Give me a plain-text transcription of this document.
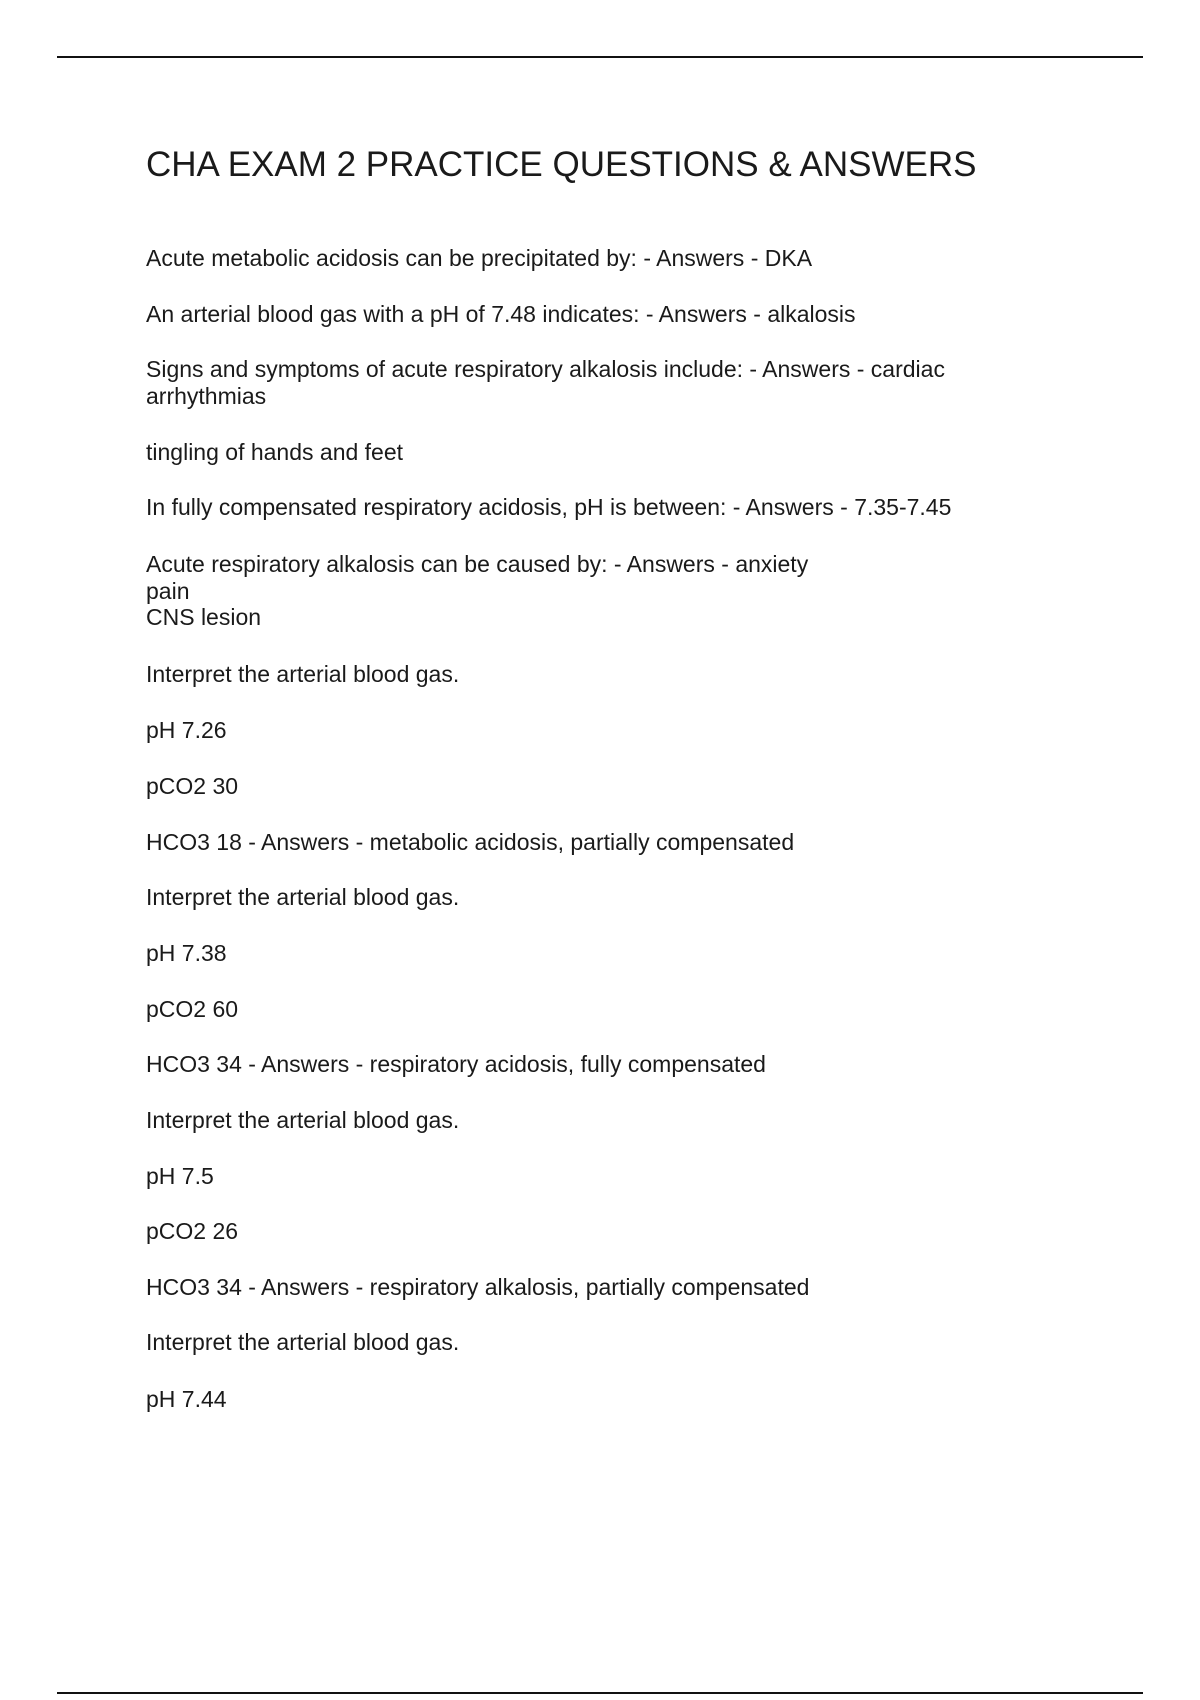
CHA EXAM 2 PRACTICE QUESTIONS & ANSWERS

Acute metabolic acidosis can be precipitated by: - Answers - DKA

An arterial blood gas with a pH of 7.48 indicates: - Answers - alkalosis

Signs and symptoms of acute respiratory alkalosis include: - Answers - cardiac

arrhythmias

tingling of hands and feet

In fully compensated respiratory acidosis, pH is between: - Answers - 7.35-7.45

Acute respiratory alkalosis can be caused by: - Answers - anxiety

pain

CNS lesion

Interpret the arterial blood gas.

pH 7.26

pCO2 30

HCO3 18 - Answers - metabolic acidosis, partially compensated

Interpret the arterial blood gas.

pH 7.38

pCO2 60

HCO3 34 - Answers - respiratory acidosis, fully compensated

Interpret the arterial blood gas.

pH 7.5

pCO2 26

HCO3 34 - Answers - respiratory alkalosis, partially compensated

Interpret the arterial blood gas.

pH 7.44
